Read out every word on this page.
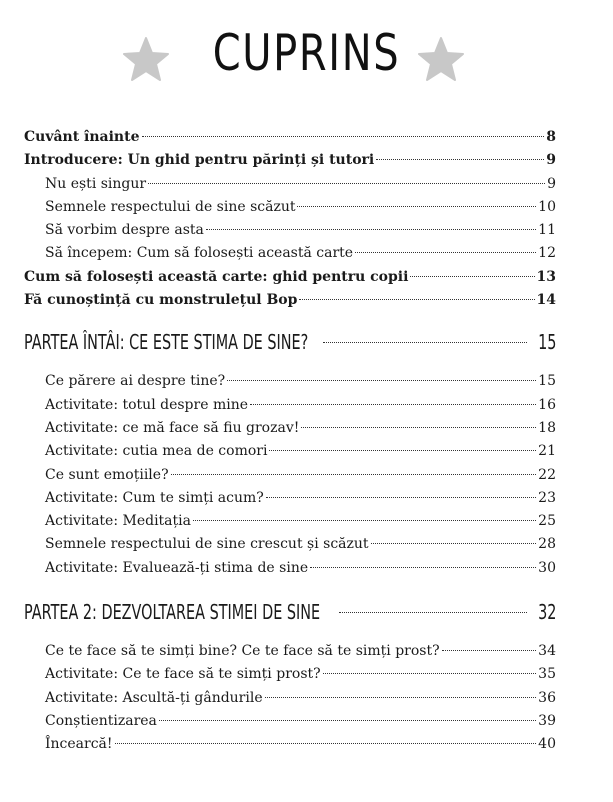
CUPRINS
Cuvânt înainte	8
Introducere: Un ghid pentru părinți și tutori	9
Nu ești singur	9
Semnele respectului de sine scăzut	10
Să vorbim despre asta	11
Să începem: Cum să folosești această carte	12
Cum să folosești această carte: ghid pentru copii	13
Fă cunoștință cu monstrulețul Bop	14
PARTEA ÎNTÂI: CE ESTE STIMA DE SINE?	15
Ce părere ai despre tine?	15
Activitate: totul despre mine	16
Activitate: ce mă face să fiu grozav!	18
Activitate: cutia mea de comori	21
Ce sunt emoțiile?	22
Activitate: Cum te simți acum?	23
Activitate: Meditația	25
Semnele respectului de sine crescut și scăzut	28
Activitate: Evaluează-ți stima de sine	30
PARTEA 2: DEZVOLTAREA STIMEI DE SINE	32
Ce te face să te simți bine? Ce te face să te simți prost?	34
Activitate: Ce te face să te simți prost?	35
Activitate: Ascultă-ți gândurile	36
Conștientizarea	39
Încearcă!	40
